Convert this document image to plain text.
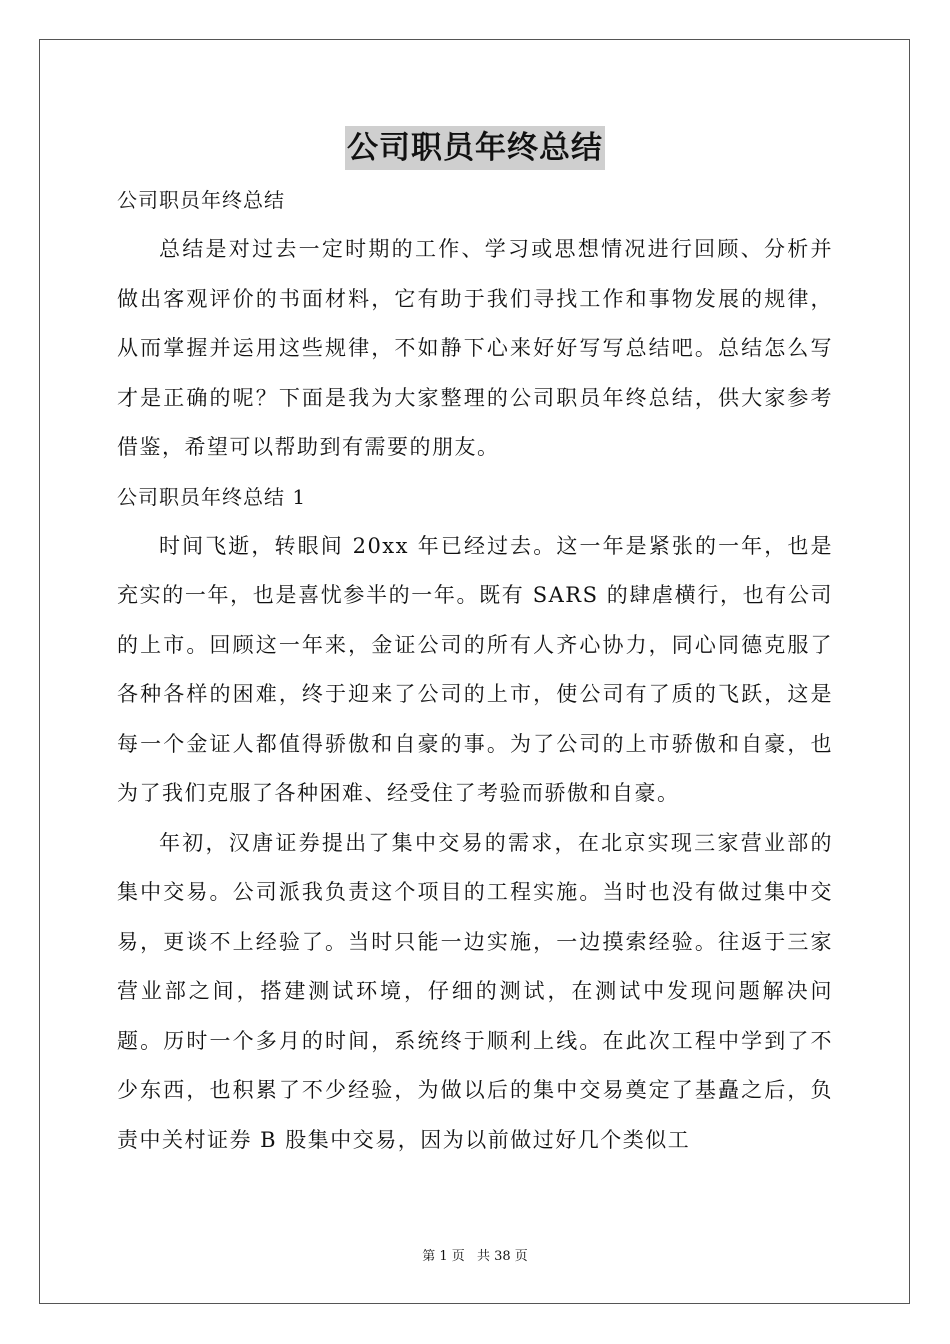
公司职员年终总结

公司职员年终总结

总结是对过去一定时期的工作、学习或思想情况进行回顾、分析并做出客观评价的书面材料，它有助于我们寻找工作和事物发展的规律，从而掌握并运用这些规律，不如静下心来好好写写总结吧。总结怎么写才是正确的呢？下面是我为大家整理的公司职员年终总结，供大家参考借鉴，希望可以帮助到有需要的朋友。

公司职员年终总结 1

时间飞逝，转眼间 20xx 年已经过去。这一年是紧张的一年，也是充实的一年，也是喜忧参半的一年。既有 SARS 的肆虐横行，也有公司的上市。回顾这一年来，金证公司的所有人齐心协力，同心同德克服了各种各样的困难，终于迎来了公司的上市，使公司有了质的飞跃，这是每一个金证人都值得骄傲和自豪的事。为了公司的上市骄傲和自豪，也为了我们克服了各种困难、经受住了考验而骄傲和自豪。

年初，汉唐证券提出了集中交易的需求，在北京实现三家营业部的集中交易。公司派我负责这个项目的工程实施。当时也没有做过集中交易，更谈不上经验了。当时只能一边实施，一边摸索经验。往返于三家营业部之间，搭建测试环境，仔细的测试，在测试中发现问题解决问题。历时一个多月的时间，系统终于顺利上线。在此次工程中学到了不少东西，也积累了不少经验，为做以后的集中交易奠定了基矗之后，负责中关村证券 B 股集中交易，因为以前做过好几个类似工

第 1 页 共 38 页
